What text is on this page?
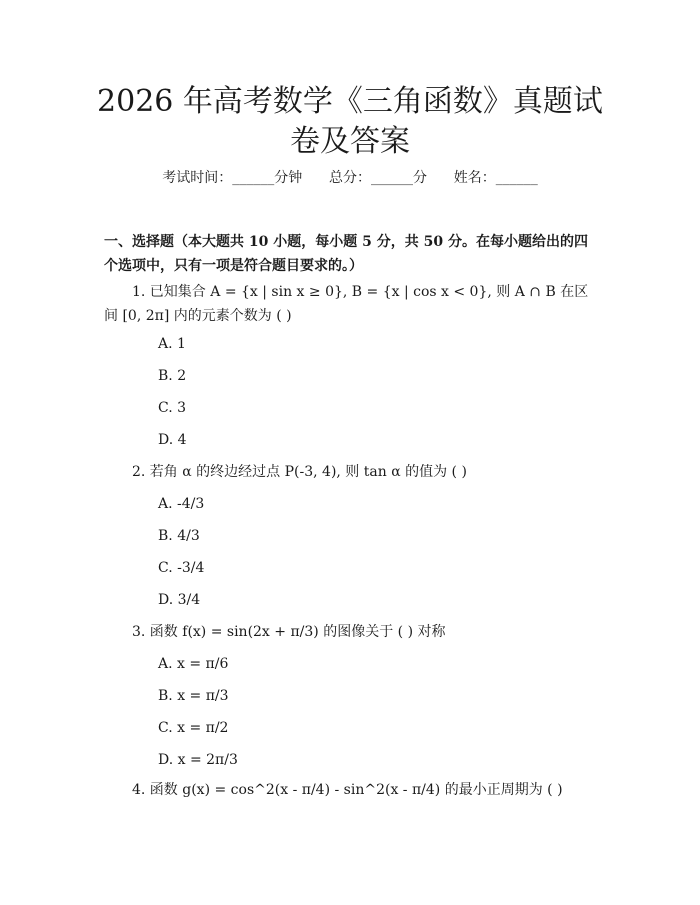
2026 年高考数学《三角函数》真题试卷及答案
考试时间：______分钟      总分：______分      姓名：______

一、选择题（本大题共 10 小题，每小题 5 分，共 50 分。在每小题给出的四个选项中，只有一项是符合题目要求的。）

1. 已知集合 A = {x | sin x ≥ 0}, B = {x | cos x < 0}, 则 A ∩ B 在区间 [0, 2π] 内的元素个数为 ( )

A. 1
B. 2
C. 3
D. 4

2. 若角 α 的终边经过点 P(-3, 4), 则 tan α 的值为 ( )

A. -4/3
B. 4/3
C. -3/4
D. 3/4

3. 函数 f(x) = sin(2x + π/3) 的图像关于 ( ) 对称

A. x = π/6
B. x = π/3
C. x = π/2
D. x = 2π/3

4. 函数 g(x) = cos^2(x - π/4) - sin^2(x - π/4) 的最小正周期为 ( )
